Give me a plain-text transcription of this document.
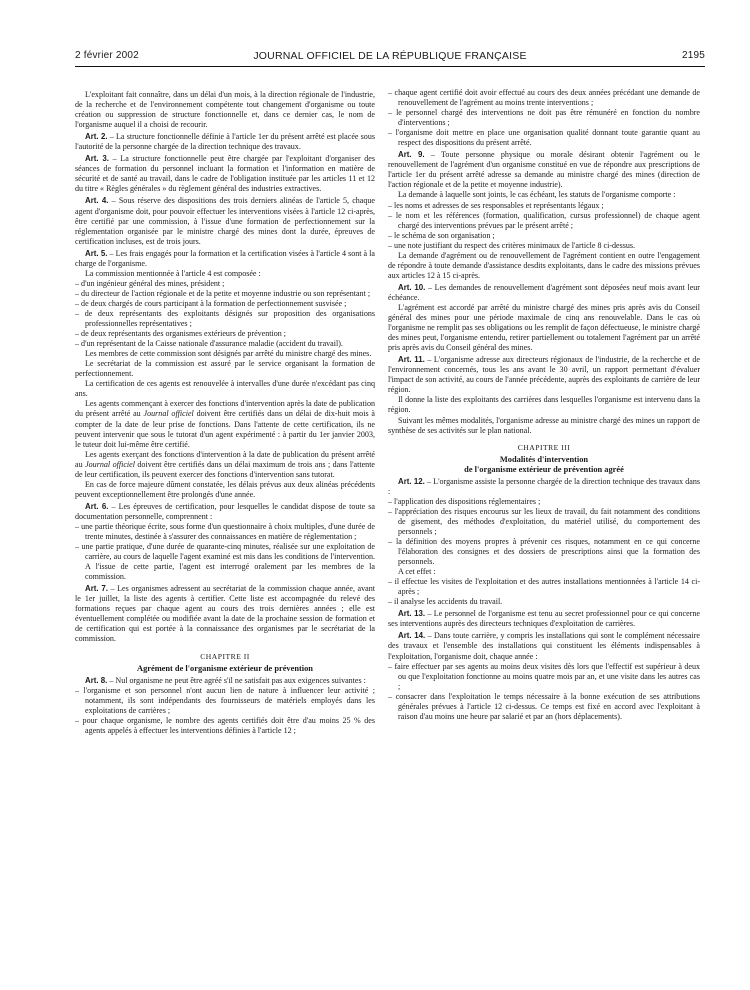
2 février 2002	JOURNAL OFFICIEL DE LA RÉPUBLIQUE FRANÇAISE	2195

L'exploitant fait connaître, dans un délai d'un mois, à la direction régionale de l'industrie, de la recherche et de l'environnement compétente tout changement d'organisme ou toute création ou suppression de structure fonctionnelle et, dans ce dernier cas, le nom de l'organisme auquel il a choisi de recourir.

Art. 2. – La structure fonctionnelle définie à l'article 1er du présent arrêté est placée sous l'autorité de la personne chargée de la direction technique des travaux.

Art. 3. – La structure fonctionnelle peut être chargée par l'exploitant d'organiser des séances de formation du personnel incluant la formation et l'information en matière de sécurité et de santé au travail, dans le cadre de l'obligation instituée par les articles 11 et 12 du titre « Règles générales » du règlement général des industries extractives.

Art. 4. – Sous réserve des dispositions des trois derniers alinéas de l'article 5, chaque agent d'organisme doit, pour pouvoir effectuer les interventions visées à l'article 12 ci-après, être certifié par une commission, à l'issue d'une formation de perfectionnement sur la réglementation organisée par le ministre chargé des mines dont la durée, épreuves de certification incluses, est de trois jours.

Art. 5. – Les frais engagés pour la formation et la certification visées à l'article 4 sont à la charge de l'organisme.

La commission mentionnée à l'article 4 est composée :

– d'un ingénieur général des mines, président ;
– du directeur de l'action régionale et de la petite et moyenne industrie ou son représentant ;
– de deux chargés de cours participant à la formation de perfectionnement susvisée ;
– de deux représentants des exploitants désignés sur proposition des organisations professionnelles représentatives ;
– de deux représentants des organismes extérieurs de prévention ;
– d'un représentant de la Caisse nationale d'assurance maladie (accident du travail).

Les membres de cette commission sont désignés par arrêté du ministre chargé des mines.

Le secrétariat de la commission est assuré par le service organisant la formation de perfectionnement.

La certification de ces agents est renouvelée à intervalles d'une durée n'excédant pas cinq ans.

Les agents commençant à exercer des fonctions d'intervention après la date de publication du présent arrêté au Journal officiel doivent être certifiés dans un délai de dix-huit mois à compter de la date de leur prise de fonctions. Dans l'attente de cette certification, ils ne peuvent intervenir que sous le tutorat d'un agent expérimenté : à partir du 1er janvier 2003, le tuteur doit lui-même être certifié.

Les agents exerçant des fonctions d'intervention à la date de publication du présent arrêté au Journal officiel doivent être certifiés dans un délai maximum de trois ans ; dans l'attente de leur certification, ils peuvent exercer des fonctions d'intervention sans tutorat.

En cas de force majeure dûment constatée, les délais prévus aux deux alinéas précédents peuvent exceptionnellement être prolongés d'une année.

Art. 6. – Les épreuves de certification, pour lesquelles le candidat dispose de toute sa documentation personnelle, comprennent :

– une partie théorique écrite, sous forme d'un questionnaire à choix multiples, d'une durée de trente minutes, destinée à s'assurer des connaissances en matière de réglementation ;
– une partie pratique, d'une durée de quarante-cinq minutes, réalisée sur une exploitation de carrière, au cours de laquelle l'agent examiné est mis dans les conditions de l'intervention. A l'issue de cette partie, l'agent est interrogé oralement par les membres de la commission.

Art. 7. – Les organismes adressent au secrétariat de la commission chaque année, avant le 1er juillet, la liste des agents à certifier. Cette liste est accompagnée du relevé des formations reçues par chaque agent au cours des trois dernières années ; elle est éventuellement complétée ou modifiée avant la date de la prochaine session de formation et de certification qui est portée à la connaissance des organismes par le secrétariat de la commission.

CHAPITRE II

Agrément de l'organisme extérieur de prévention

Art. 8. – Nul organisme ne peut être agréé s'il ne satisfait pas aux exigences suivantes :

– l'organisme et son personnel n'ont aucun lien de nature à influencer leur activité ; notamment, ils sont indépendants des fournisseurs de matériels employés dans les exploitations de carrières ;
– pour chaque organisme, le nombre des agents certifiés doit être d'au moins 25 % des agents appelés à effectuer les interventions définies à l'article 12 ;
– chaque agent certifié doit avoir effectué au cours des deux années précédant une demande de renouvellement de l'agrément au moins trente interventions ;
– le personnel chargé des interventions ne doit pas être rémunéré en fonction du nombre d'interventions ;
– l'organisme doit mettre en place une organisation qualité donnant toute garantie quant au respect des dispositions du présent arrêté.

Art. 9. – Toute personne physique ou morale désirant obtenir l'agrément ou le renouvellement de l'agrément d'un organisme constitué en vue de répondre aux prescriptions de l'article 1er du présent arrêté adresse sa demande au ministre chargé des mines (direction de l'action régionale et de la petite et moyenne industrie).

La demande à laquelle sont joints, le cas échéant, les statuts de l'organisme comporte :

– les noms et adresses de ses responsables et représentants légaux ;
– le nom et les références (formation, qualification, cursus professionnel) de chaque agent chargé des interventions prévues par le présent arrêté ;
– le schéma de son organisation ;
– une note justifiant du respect des critères minimaux de l'article 8 ci-dessus.

La demande d'agrément ou de renouvellement de l'agrément contient en outre l'engagement de répondre à toute demande d'assistance desdits exploitants, dans le cadre des missions prévues aux articles 12 à 15 ci-après.

Art. 10. – Les demandes de renouvellement d'agrément sont déposées neuf mois avant leur échéance.

L'agrément est accordé par arrêté du ministre chargé des mines pris après avis du Conseil général des mines pour une période maximale de cinq ans renouvelable. Dans le cas où l'organisme ne remplit pas ses obligations ou les remplit de façon défectueuse, le ministre chargé des mines peut, l'organisme entendu, retirer partiellement ou totalement l'agrément par un arrêté pris après avis du Conseil général des mines.

Art. 11. – L'organisme adresse aux directeurs régionaux de l'industrie, de la recherche et de l'environnement concernés, tous les ans avant le 30 avril, un rapport permettant d'évaluer l'impact de son activité, au cours de l'année précédente, auprès des exploitants de carrière de leur région.

Il donne la liste des exploitants des carrières dans lesquelles l'organisme est intervenu dans la région.

Suivant les mêmes modalités, l'organisme adresse au ministre chargé des mines un rapport de synthèse de ses activités sur le plan national.

CHAPITRE III

Modalités d'intervention

de l'organisme extérieur de prévention agréé

Art. 12. – L'organisme assiste la personne chargée de la direction technique des travaux dans :

– l'application des dispositions réglementaires ;
– l'appréciation des risques encourus sur les lieux de travail, du fait notamment des conditions de gisement, des méthodes d'exploitation, du matériel utilisé, du comportement des personnels ;
– la définition des moyens propres à prévenir ces risques, notamment en ce qui concerne l'élaboration des consignes et des dossiers de prescriptions ainsi que la formation des personnels.

A cet effet :

– il effectue les visites de l'exploitation et des autres installations mentionnées à l'article 14 ci-après ;
– il analyse les accidents du travail.

Art. 13. – Le personnel de l'organisme est tenu au secret professionnel pour ce qui concerne ses interventions auprès des directeurs techniques d'exploitation de carrières.

Art. 14. – Dans toute carrière, y compris les installations qui sont le complément nécessaire des travaux et l'ensemble des installations qui constituent les éléments indispensables à l'exploitation, l'organisme doit, chaque année :

– faire effectuer par ses agents au moins deux visites dès lors que l'effectif est supérieur à deux ou que l'exploitation fonctionne au moins quatre mois par an, et une visite dans les autres cas ;
– consacrer dans l'exploitation le temps nécessaire à la bonne exécution de ses attributions générales prévues à l'article 12 ci-dessus. Ce temps est fixé en accord avec l'exploitant à raison d'au moins une heure par salarié et par an (hors déplacements).
